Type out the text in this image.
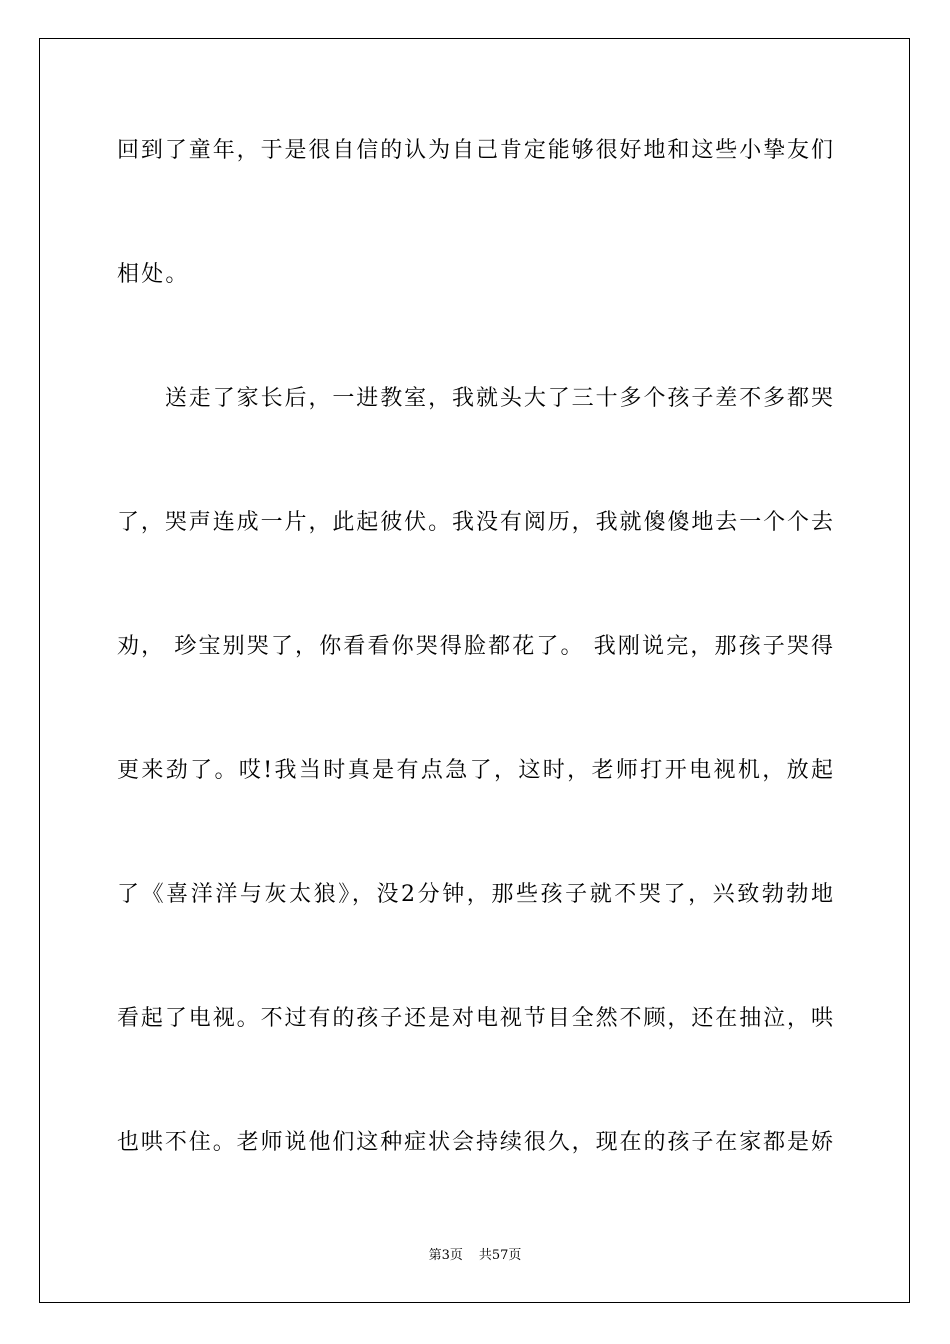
回到了童年，于是很自信的认为自己肯定能够很好地和这些小挚友们
相处。
　　送走了家长后，一进教室，我就头大了三十多个孩子差不多都哭
了，哭声连成一片，此起彼伏。我没有阅历，我就傻傻地去一个个去
劝， 珍宝别哭了，你看看你哭得脸都花了。 我刚说完，那孩子哭得
更来劲了。哎!我当时真是有点急了，这时，老师打开电视机，放起
了《喜洋洋与灰太狼》，没2分钟，那些孩子就不哭了，兴致勃勃地
看起了电视。不过有的孩子还是对电视节目全然不顾，还在抽泣，哄
也哄不住。老师说他们这种症状会持续很久，现在的孩子在家都是娇
第3页 共57页
